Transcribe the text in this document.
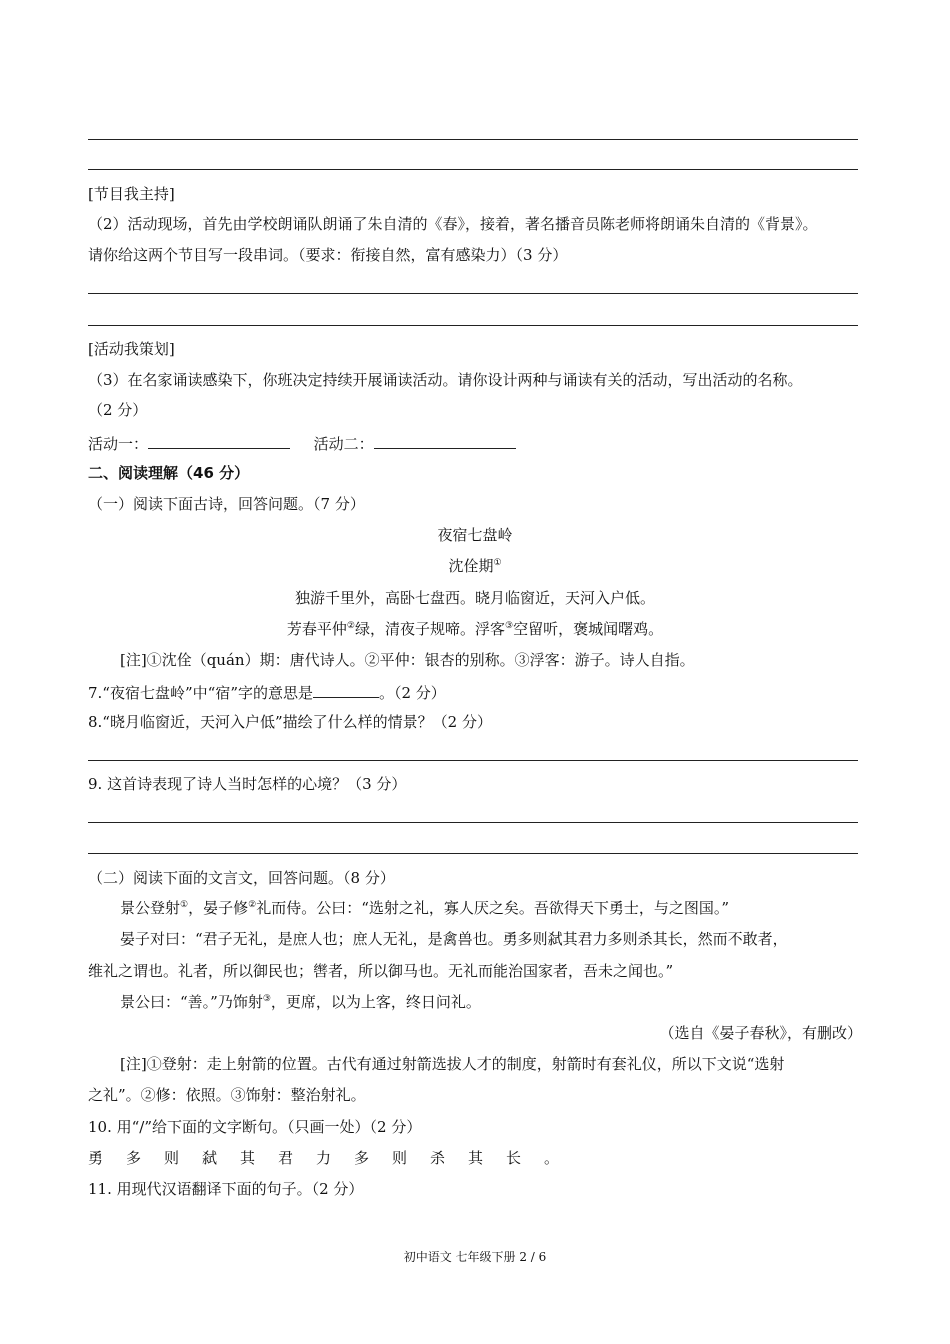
[节目我主持]
（2）活动现场，首先由学校朗诵队朗诵了朱自清的《春》，接着，著名播音员陈老师将朗诵朱自清的《背景》。
请你给这两个节目写一段串词。（要求：衔接自然，富有感染力）（3 分）
[活动我策划]
（3）在名家诵读感染下，你班决定持续开展诵读活动。请你设计两种与诵读有关的活动，写出活动的名称。
（2 分）
活动一：	活动二：
二、阅读理解（46 分）
（一）阅读下面古诗，回答问题。（7 分）
夜宿七盘岭
沈佺期①
独游千里外，高卧七盘西。晓月临窗近，天河入户低。
芳春平仲②绿，清夜子规啼。浮客③空留听，褒城闻曙鸡。
[注]①沈佺（quán）期：唐代诗人。②平仲：银杏的别称。③浮客：游子。诗人自指。
7.“夜宿七盘岭”中“宿”字的意思是	。（2 分）
8.“晓月临窗近，天河入户低”描绘了什么样的情景？（2 分）
9. 这首诗表现了诗人当时怎样的心境？（3 分）
（二）阅读下面的文言文，回答问题。（8 分）
景公登射①，晏子修②礼而侍。公曰：“选射之礼，寡人厌之矣。吾欲得天下勇士，与之图国。”
晏子对曰：“君子无礼，是庶人也；庶人无礼，是禽兽也。勇多则弑其君力多则杀其长，然而不敢者，
维礼之谓也。礼者，所以御民也；辔者，所以御马也。无礼而能治国家者，吾未之闻也。”
景公曰：“善。”乃饰射③，更席，以为上客，终日问礼。
（选自《晏子春秋》，有删改）
[注]①登射：走上射箭的位置。古代有通过射箭选拔人才的制度，射箭时有套礼仪，所以下文说“选射
之礼”。②修：依照。③饰射：整治射礼。
10. 用“/”给下面的文字断句。（只画一处）（2 分）
勇多则弑其君力多则杀其长。
11. 用现代汉语翻译下面的句子。（2 分）
初中语文 七年级下册 2 / 6
